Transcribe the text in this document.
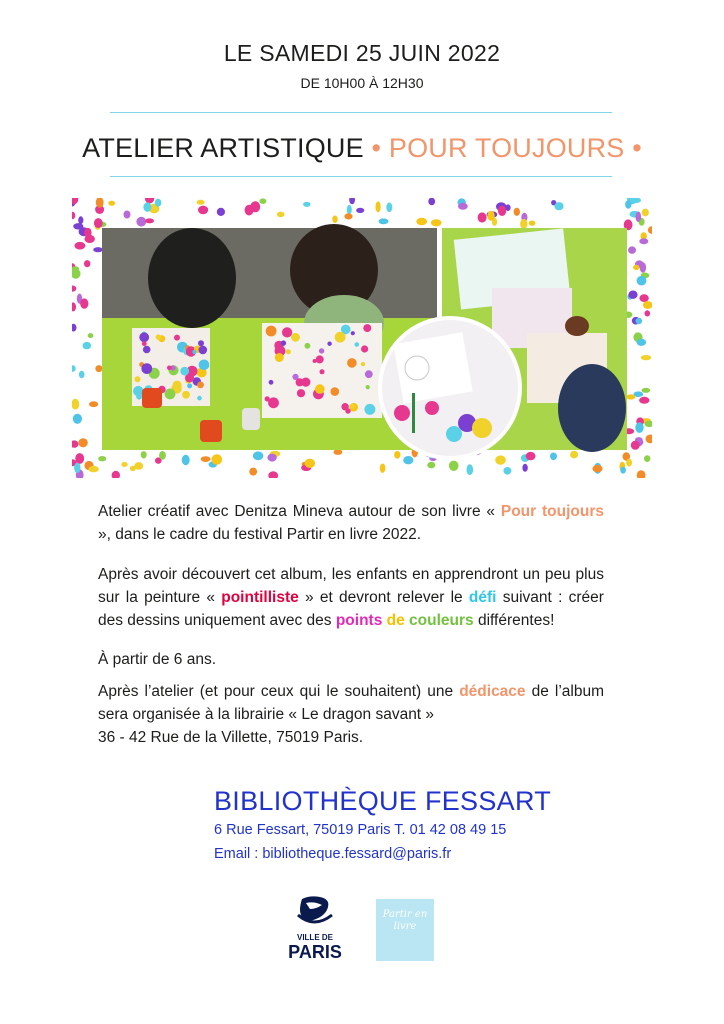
LE SAMEDI 25 JUIN 2022
DE 10H00 À 12H30
ATELIER ARTISTIQUE • POUR TOUJOURS •
Atelier créatif avec Denitza Mineva autour de son livre « Pour toujours », dans le cadre du festival Partir en livre 2022.
Après avoir découvert cet album, les enfants en apprendront un peu plus sur la peinture « pointilliste » et devront relever le défi suivant : créer des dessins uniquement avec des points de couleurs différentes!
À partir de 6 ans.
Après l’atelier (et pour ceux qui le souhaitent) une dédicace de l’album sera organisée à la librairie « Le dragon savant »
36 - 42 Rue de la Villette, 75019 Paris.
BIBLIOTHÈQUE FESSART
6 Rue Fessart, 75019 Paris T. 01 42 08 49 15
Email : bibliotheque.fessard@paris.fr
VILLE DE
PARIS
Partir en livre
